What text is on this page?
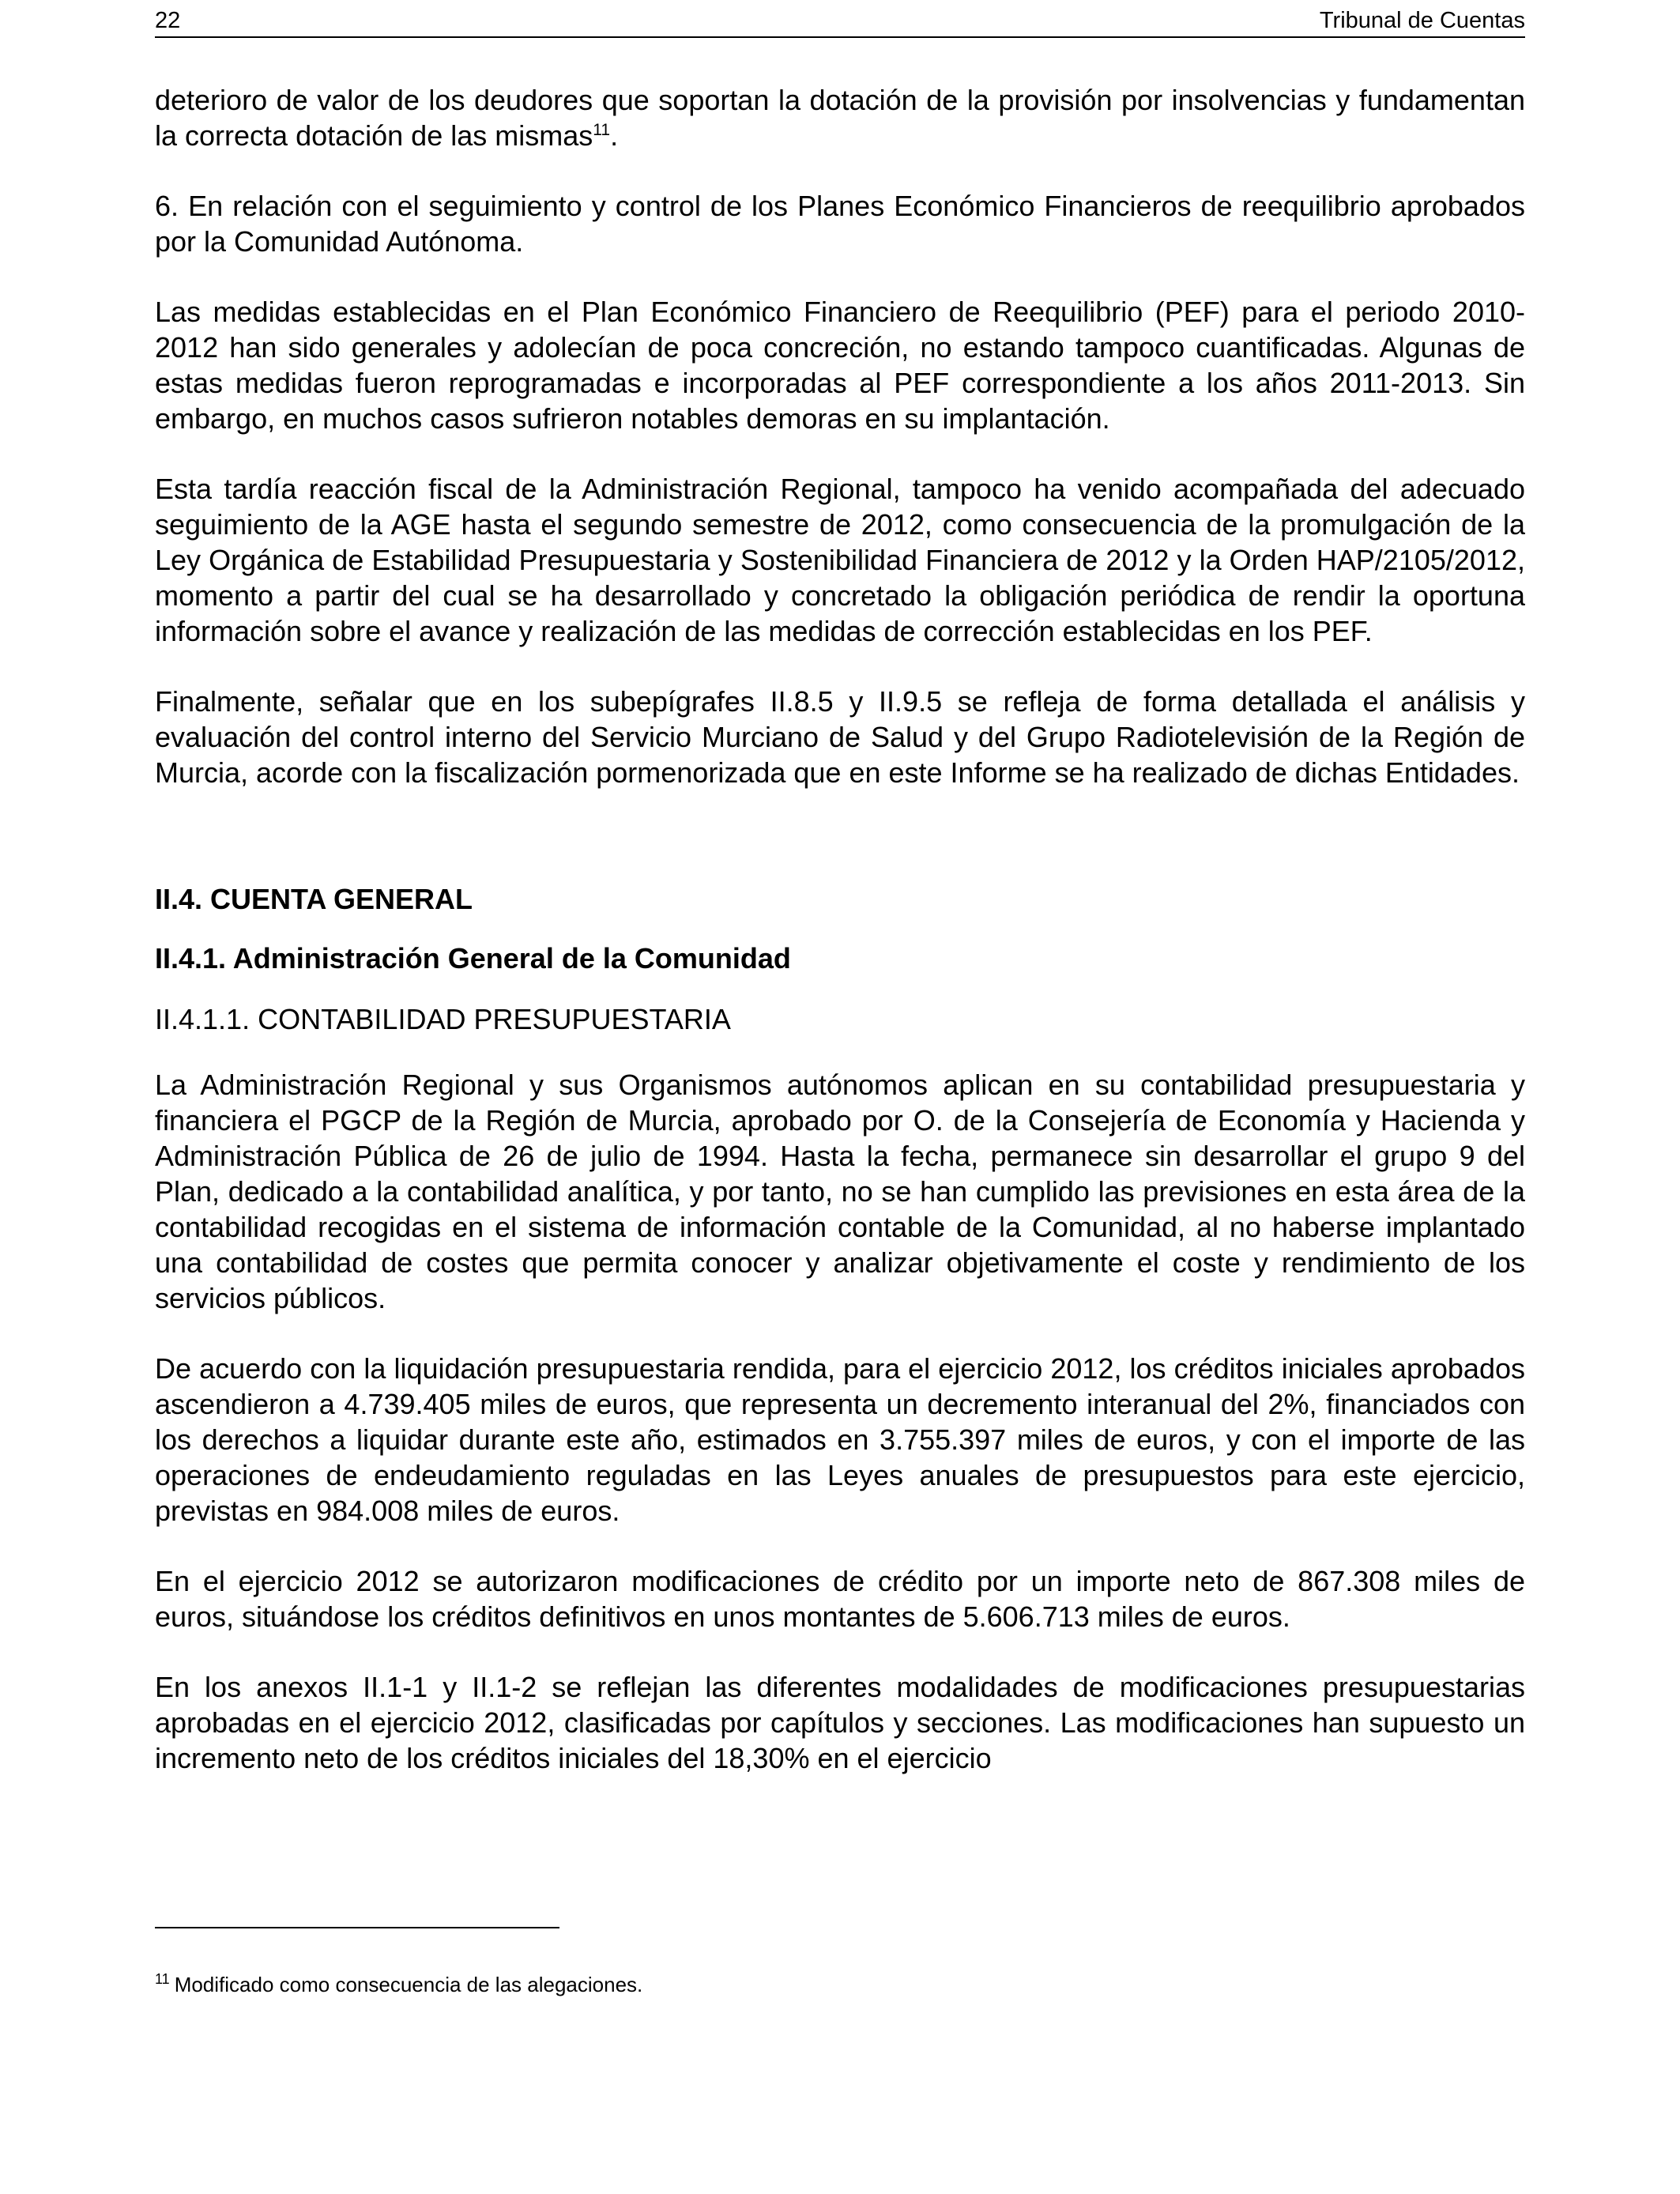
22	Tribunal de Cuentas

deterioro de valor de los deudores que soportan la dotación de la provisión por insolvencias y fundamentan la correcta dotación de las mismas$^{11}$.

6. En relación con el seguimiento y control de los Planes Económico Financieros de reequilibrio aprobados por la Comunidad Autónoma.

Las medidas establecidas en el Plan Económico Financiero de Reequilibrio (PEF) para el periodo 2010-2012 han sido generales y adolecían de poca concreción, no estando tampoco cuantificadas. Algunas de estas medidas fueron reprogramadas e incorporadas al PEF correspondiente a los años 2011-2013. Sin embargo, en muchos casos sufrieron notables demoras en su implantación.

Esta tardía reacción fiscal de la Administración Regional, tampoco ha venido acompañada del adecuado seguimiento de la AGE hasta el segundo semestre de 2012, como consecuencia de la promulgación de la Ley Orgánica de Estabilidad Presupuestaria y Sostenibilidad Financiera de 2012 y la Orden HAP/2105/2012, momento a partir del cual se ha desarrollado y concretado la obligación periódica de rendir la oportuna información sobre el avance y realización de las medidas de corrección establecidas en los PEF.

Finalmente, señalar que en los subepígrafes II.8.5 y II.9.5 se refleja de forma detallada el análisis y evaluación del control interno del Servicio Murciano de Salud y del Grupo Radiotelevisión de la Región de Murcia, acorde con la fiscalización pormenorizada que en este Informe se ha realizado de dichas Entidades.

II.4. CUENTA GENERAL
II.4.1. Administración General de la Comunidad
II.4.1.1. CONTABILIDAD PRESUPUESTARIA

La Administración Regional y sus Organismos autónomos aplican en su contabilidad presupuestaria y financiera el PGCP de la Región de Murcia, aprobado por O. de la Consejería de Economía y Hacienda y Administración Pública de 26 de julio de 1994. Hasta la fecha, permanece sin desarrollar el grupo 9 del Plan, dedicado a la contabilidad analítica, y por tanto, no se han cumplido las previsiones en esta área de la contabilidad recogidas en el sistema de información contable de la Comunidad, al no haberse implantado una contabilidad de costes que permita conocer y analizar objetivamente el coste y rendimiento de los servicios públicos.

De acuerdo con la liquidación presupuestaria rendida, para el ejercicio 2012, los créditos iniciales aprobados ascendieron a 4.739.405 miles de euros, que representa un decremento interanual del 2%, financiados con los derechos a liquidar durante este año, estimados en 3.755.397 miles de euros, y con el importe de las operaciones de endeudamiento reguladas en las Leyes anuales de presupuestos para este ejercicio, previstas en 984.008 miles de euros.

En el ejercicio 2012 se autorizaron modificaciones de crédito por un importe neto de 867.308 miles de euros, situándose los créditos definitivos en unos montantes de 5.606.713 miles de euros.

En los anexos II.1-1 y II.1-2 se reflejan las diferentes modalidades de modificaciones presupuestarias aprobadas en el ejercicio 2012, clasificadas por capítulos y secciones. Las modificaciones han supuesto un incremento neto de los créditos iniciales del 18,30% en el ejercicio

$^{11}$ Modificado como consecuencia de las alegaciones.
